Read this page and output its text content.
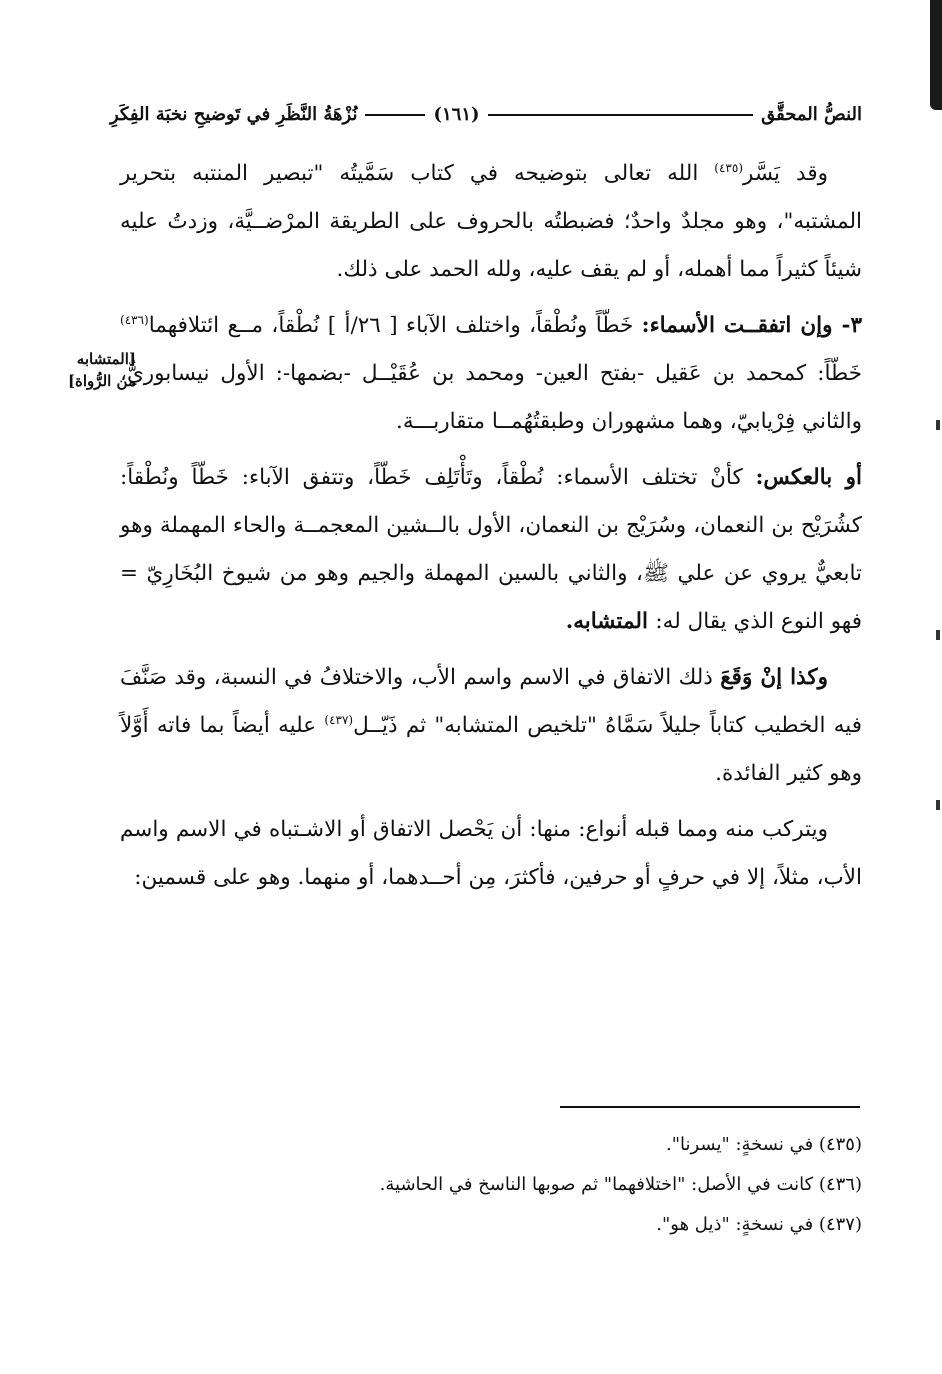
النصُّ المحقَّق
(١٦١)
نُزْهَةُ النَّظَرِ في تَوضيحِ نخبَة الفِكَرِ

وقد يَسَّر$^{(٤٣٥)}$ الله تعالى بتوضيحه في كتاب سَمَّيتُه "تبصير المنتبه بتحرير المشتبه"، وهو مجلدٌ واحدٌ؛ فضبطتُه بالحروف على الطريقة المرْضــيَّة، وزدتُ عليه شيئاً كثيراً مما أهمله، أو لم يقف عليه، ولله الحمد على ذلك.

٣- وإن اتفقــت الأسماء: خَطّاً ونُطْقاً، واختلف الآباء [ ٢٦/أ ] نُطْقاً، مــع ائتلافهما$^{(٤٣٦)}$ خَطّاً: كمحمد بن عَقيل -بفتح العين- ومحمد بن عُقَيْــل -بضمها-: الأول نيسابوريٌّ، والثاني فِرْيابيّ، وهما مشهوران وطبقتُهُمــا متقاربـــة.

أو بالعكس: كأنْ تختلف الأسماء: نُطْقاً، وتَأْتَلِف خَطّاً، وتتفق الآباء: خَطّاً ونُطْقاً: كشُرَيْح بن النعمان، وسُرَيْج بن النعمان، الأول بالــشين المعجمــة والحاء المهملة وهو تابعيٌّ يروي عن علي ﷺ، والثاني بالسين المهملة والجيم وهو من شيوخ البُخَارِيّ = فهو النوع الذي يقال له: المتشابه.

وكذا إنْ وَقَعَ ذلك الاتفاق في الاسم واسم الأب، والاختلافُ في النسبة، وقد صَنَّفَ فيه الخطيب كتاباً جليلاً سَمَّاهُ "تلخيص المتشابه" ثم ذَيّــل$^{(٤٣٧)}$ عليه أيضاً بما فاته أَوَّلاً وهو كثير الفائدة.

ويتركب منه ومما قبله أنواع: منها: أن يَحْصل الاتفاق أو الاشـتباه في الاسم واسم الأب، مثلاً، إلا في حرفٍ أو حرفين، فأكثرَ، مِن أحــدهما، أو منهما. وهو على قسمين:

[المتشابه
من الرُّواة]
(٤٣٥) في نسخةٍ: "يسرنا".
(٤٣٦) كانت في الأصل: "اختلافهما" ثم صوبها الناسخ في الحاشية.
(٤٣٧) في نسخةٍ: "ذيل هو".
